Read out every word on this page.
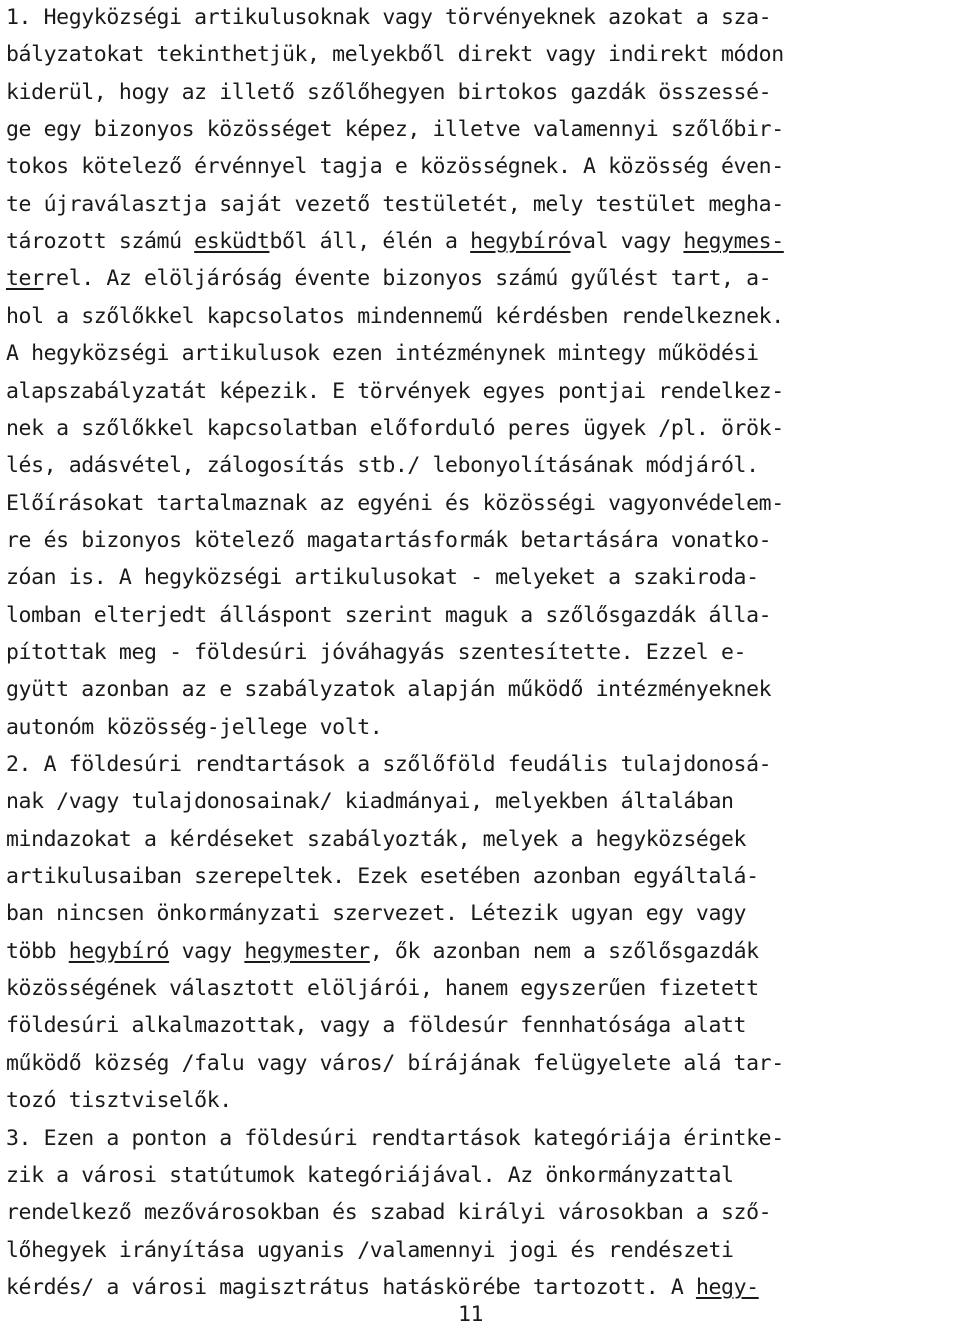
1. Hegyközségi artikulusoknak vagy törvényeknek azokat a sza-
bályzatokat tekinthetjük, melyekből direkt vagy indirekt módon
kiderül, hogy az illető szőlőhegyen birtokos gazdák összessé-
ge egy bizonyos közösséget képez, illetve valamennyi szőlőbir-
tokos kötelező érvénnyel tagja e közösségnek. A közösség éven-
te újraválasztja saját vezető testületét, mely testület megha-
tározott számú esküdtből áll, élén a hegybíróval vagy hegymes-
terrel. Az elöljáróság évente bizonyos számú gyűlést tart, a-
hol a szőlőkkel kapcsolatos mindennemű kérdésben rendelkeznek.
A hegyközségi artikulusok ezen intézménynek mintegy működési
alapszabályzatát képezik. E törvények egyes pontjai rendelkez-
nek a szőlőkkel kapcsolatban előforduló peres ügyek /pl. örök-
lés, adásvétel, zálogosítás stb./ lebonyolításának módjáról.
Előírásokat tartalmaznak az egyéni és közösségi vagyonvédelem-
re és bizonyos kötelező magatartásformák betartására vonatko-
zóan is. A hegyközségi artikulusokat - melyeket a szakiroda-
lomban elterjedt álláspont szerint maguk a szőlősgazdák álla-
pítottak meg - földesúri jóváhagyás szentesítette. Ezzel e-
gyütt azonban az e szabályzatok alapján működő intézményeknek
autonóm közösség-jellege volt.
2. A földesúri rendtartások a szőlőföld feudális tulajdonosá-
nak /vagy tulajdonosainak/ kiadmányai, melyekben általában
mindazokat a kérdéseket szabályozták, melyek a hegyközségek
artikulusaiban szerepeltek. Ezek esetében azonban egyáltalá-
ban nincsen önkormányzati szervezet. Létezik ugyan egy vagy
több hegybíró vagy hegymester, ők azonban nem a szőlősgazdák
közösségének választott elöljárói, hanem egyszerűen fizetett
földesúri alkalmazottak, vagy a földesúr fennhatósága alatt
működő község /falu vagy város/ bírájának felügyelete alá tar-
tozó tisztviselők.
3. Ezen a ponton a földesúri rendtartások kategóriája érintke-
zik a városi statútumok kategóriájával. Az önkormányzattal
rendelkező mezővárosokban és szabad királyi városokban a sző-
lőhegyek irányítása ugyanis /valamennyi jogi és rendészeti
kérdés/ a városi magisztrátus hatáskörébe tartozott. A hegy-
11
